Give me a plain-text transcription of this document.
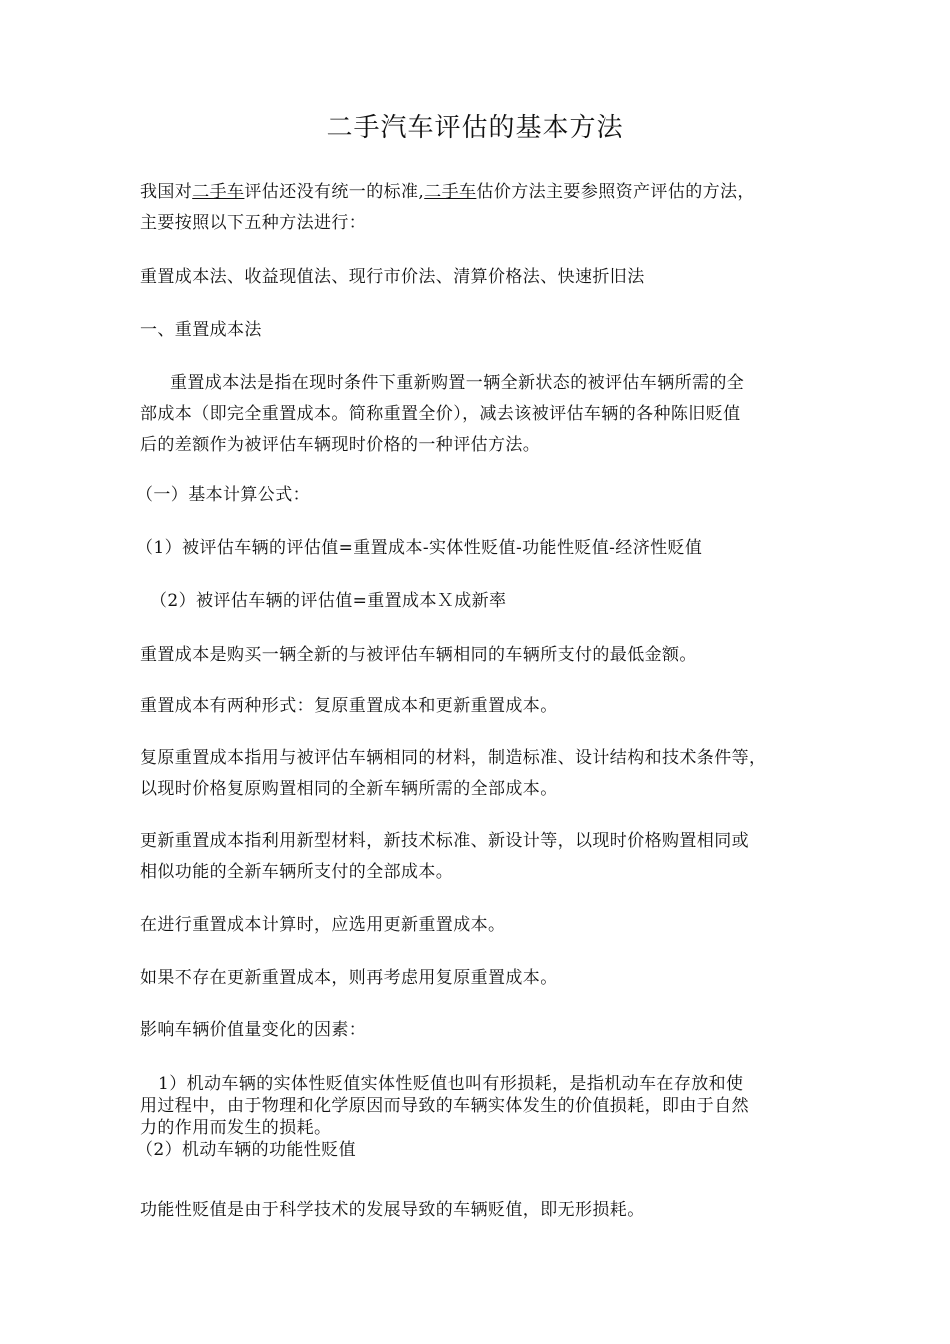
二手汽车评估的基本方法
我国对二手车评估还没有统一的标准,二手车估价方法主要参照资产评估的方法，
主要按照以下五种方法进行：
重置成本法、收益现值法、现行市价法、清算价格法、快速折旧法
一、重置成本法
重置成本法是指在现时条件下重新购置一辆全新状态的被评估车辆所需的全
部成本（即完全重置成本。简称重置全价），减去该被评估车辆的各种陈旧贬值
后的差额作为被评估车辆现时价格的一种评估方法。
（一）基本计算公式：
（1）被评估车辆的评估值=重置成本-实体性贬值-功能性贬值-经济性贬值
（2）被评估车辆的评估值=重置成本Ｘ成新率
重置成本是购买一辆全新的与被评估车辆相同的车辆所支付的最低金额。
重置成本有两种形式：复原重置成本和更新重置成本。
复原重置成本指用与被评估车辆相同的材料，制造标准、设计结构和技术条件等，
以现时价格复原购置相同的全新车辆所需的全部成本。
更新重置成本指利用新型材料，新技术标准、新设计等，以现时价格购置相同或
相似功能的全新车辆所支付的全部成本。
在进行重置成本计算时，应选用更新重置成本。
如果不存在更新重置成本，则再考虑用复原重置成本。
影响车辆价值量变化的因素：
1）机动车辆的实体性贬值实体性贬值也叫有形损耗，是指机动车在存放和使
用过程中，由于物理和化学原因而导致的车辆实体发生的价值损耗，即由于自然
力的作用而发生的损耗。
（2）机动车辆的功能性贬值
功能性贬值是由于科学技术的发展导致的车辆贬值，即无形损耗。
